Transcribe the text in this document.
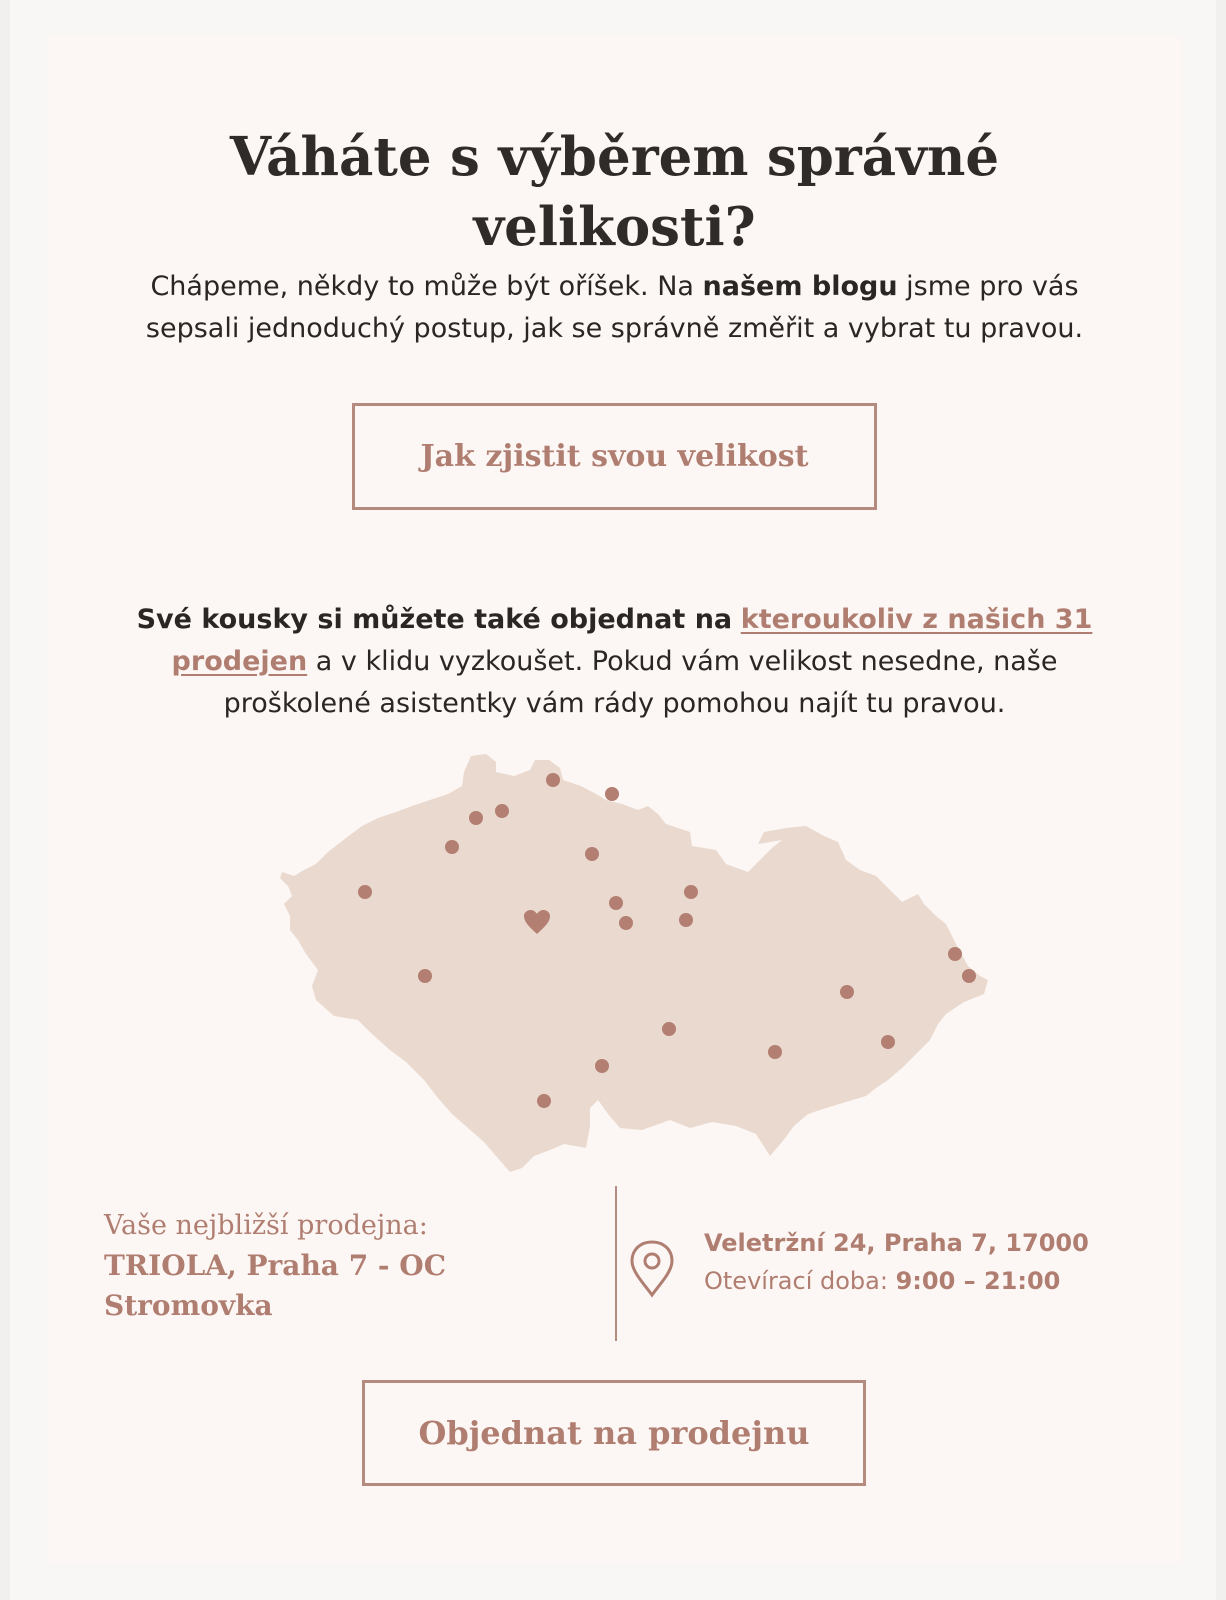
Váháte s výběrem správné
velikosti?

Chápeme, někdy to může být oříšek. Na našem blogu jsme pro vás sepsali jednoduchý postup, jak se správně změřit a vybrat tu pravou.

Jak zjistit svou velikost

Své kousky si můžete také objednat na kteroukoliv z našich 31 prodejen a v klidu vyzkoušet. Pokud vám velikost nesedne, naše proškolené asistentky vám rády pomohou najít tu pravou.

Vaše nejbližší prodejna:
TRIOLA, Praha 7 - OC Stromovka
Veletržní 24, Praha 7, 17000
Otevírací doba: 9:00 – 21:00
Objednat na prodejnu
